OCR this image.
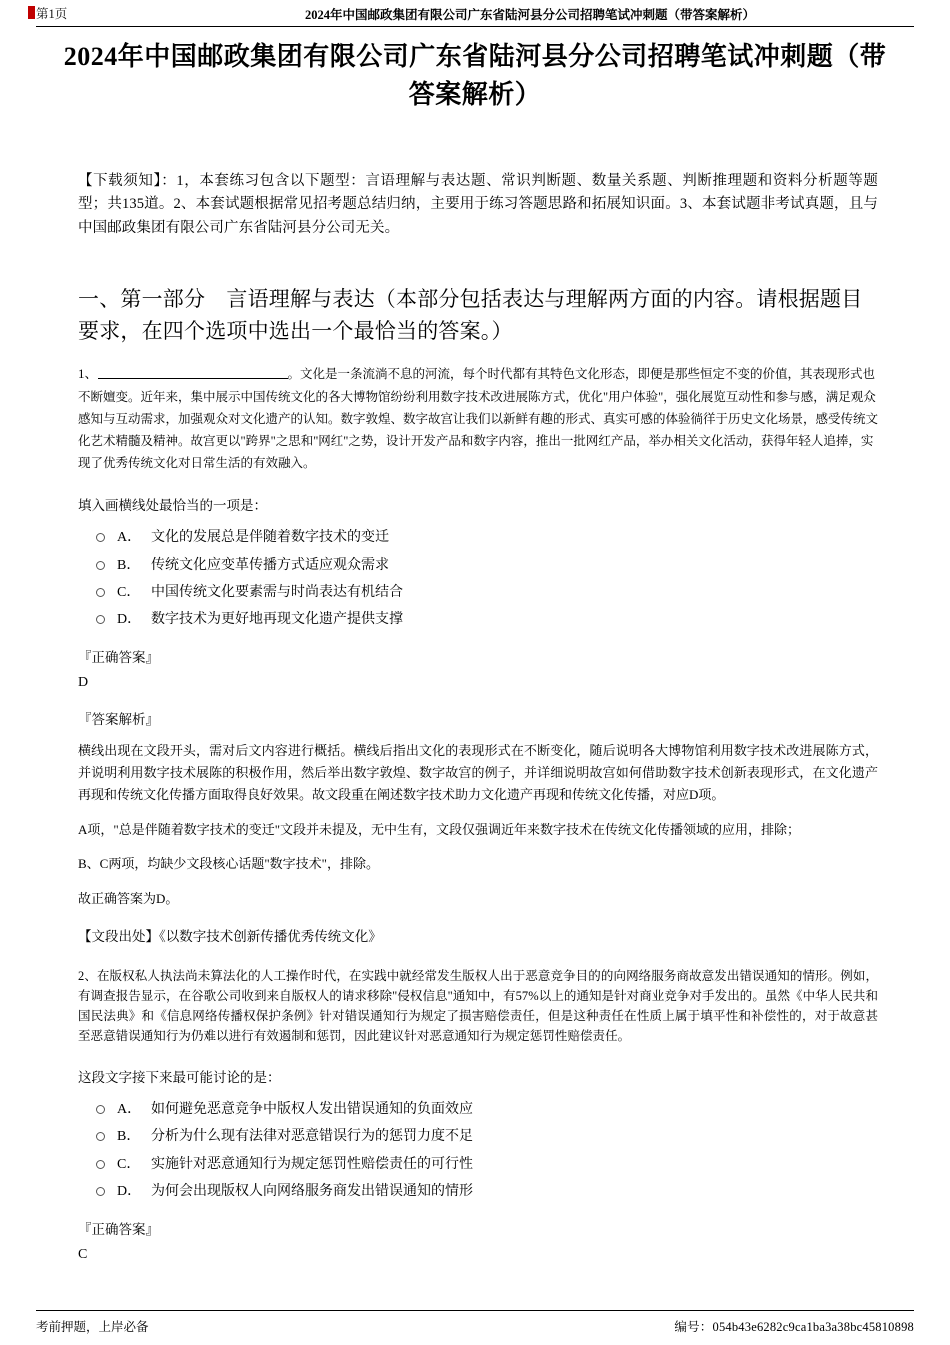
第1页	2024年中国邮政集团有限公司广东省陆河县分公司招聘笔试冲刺题（带答案解析）
2024年中国邮政集团有限公司广东省陆河县分公司招聘笔试冲刺题（带答案解析）

【下载须知】：1，本套练习包含以下题型：言语理解与表达题、常识判断题、数量关系题、判断推理题和资料分析题等题型；共135道。2、本套试题根据常见招考题总结归纳，主要用于练习答题思路和拓展知识面。3、本套试题非考试真题，且与中国邮政集团有限公司广东省陆河县分公司无关。

一、第一部分　言语理解与表达（本部分包括表达与理解两方面的内容。请根据题目要求，在四个选项中选出一个最恰当的答案。）

1、	。文化是一条流淌不息的河流，每个时代都有其特色文化形态，即便是那些恒定不变的价值，其表现形式也不断嬗变。近年来，集中展示中国传统文化的各大博物馆纷纷利用数字技术改进展陈方式，优化"用户体验"，强化展览互动性和参与感，满足观众感知与互动需求，加强观众对文化遗产的认知。数字敦煌、数字故宫让我们以新鲜有趣的形式、真实可感的体验徜徉于历史文化场景，感受传统文化艺术精髓及精神。故宫更以"跨界"之思和"网红"之势，设计开发产品和数字内容，推出一批网红产品，举办相关文化活动，获得年轻人追捧，实现了优秀传统文化对日常生活的有效融入。

填入画横线处最恰当的一项是：

A． 文化的发展总是伴随着数字技术的变迁
B． 传统文化应变革传播方式适应观众需求
C． 中国传统文化要素需与时尚表达有机结合
D． 数字技术为更好地再现文化遗产提供支撑

『正确答案』

D

『答案解析』

横线出现在文段开头，需对后文内容进行概括。横线后指出文化的表现形式在不断变化，随后说明各大博物馆利用数字技术改进展陈方式，并说明利用数字技术展陈的积极作用，然后举出数字敦煌、数字故宫的例子，并详细说明故宫如何借助数字技术创新表现形式，在文化遗产再现和传统文化传播方面取得良好效果。故文段重在阐述数字技术助力文化遗产再现和传统文化传播，对应D项。

A项，"总是伴随着数字技术的变迁"文段并未提及，无中生有，文段仅强调近年来数字技术在传统文化传播领域的应用，排除；

B、C两项，均缺少文段核心话题"数字技术"，排除。

故正确答案为D。

【文段出处】《以数字技术创新传播优秀传统文化》

2、在版权私人执法尚未算法化的人工操作时代，在实践中就经常发生版权人出于恶意竞争目的的向网络服务商故意发出错误通知的情形。例如，有调查报告显示，在谷歌公司收到来自版权人的请求移除"侵权信息"通知中，有57%以上的通知是针对商业竞争对手发出的。虽然《中华人民共和国民法典》和《信息网络传播权保护条例》针对错误通知行为规定了损害赔偿责任，但是这种责任在性质上属于填平性和补偿性的，对于故意甚至恶意错误通知行为仍难以进行有效遏制和惩罚，因此建议针对恶意通知行为规定惩罚性赔偿责任。

这段文字接下来最可能讨论的是：

A． 如何避免恶意竞争中版权人发出错误通知的负面效应
B． 分析为什么现有法律对恶意错误行为的惩罚力度不足
C． 实施针对恶意通知行为规定惩罚性赔偿责任的可行性
D． 为何会出现版权人向网络服务商发出错误通知的情形

『正确答案』

C

考前押题，上岸必备	编号：054b43e6282c9ca1ba3a38bc45810898
